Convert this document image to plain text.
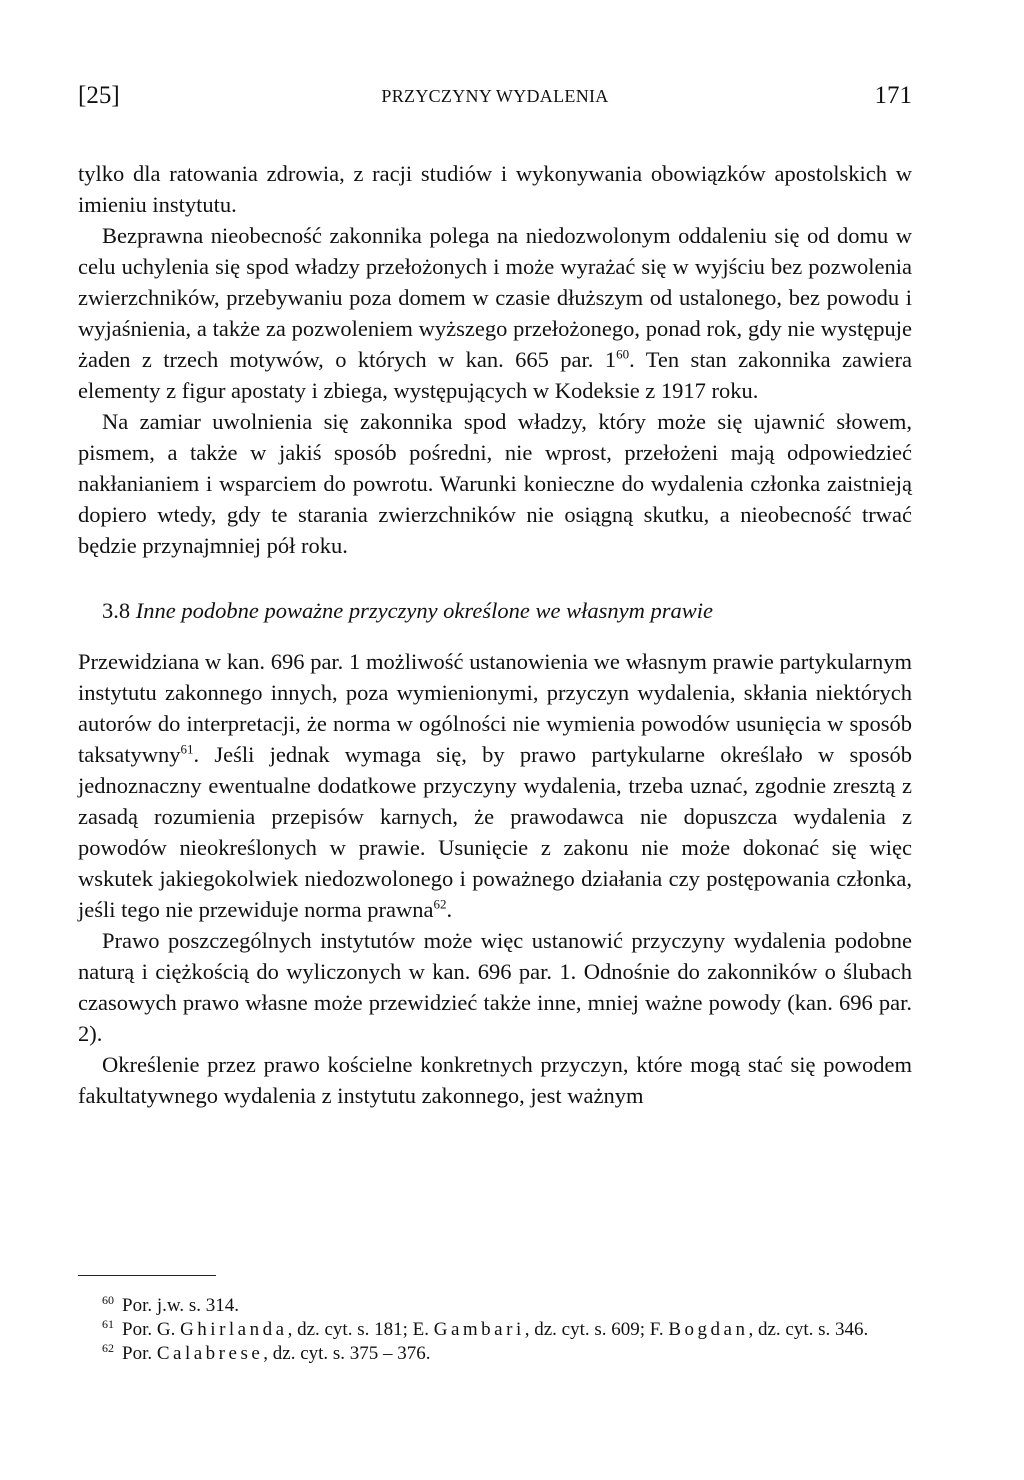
[25]	PRZYCZYNY WYDALENIA	171

tylko dla ratowania zdrowia, z racji studiów i wykonywania obowiązków apostolskich w imieniu instytutu.

Bezprawna nieobecność zakonnika polega na niedozwolonym oddaleniu się od domu w celu uchylenia się spod władzy przełożonych i może wyrażać się w wyjściu bez pozwolenia zwierzchników, przebywaniu poza domem w czasie dłuższym od ustalonego, bez powodu i wyjaśnienia, a także za pozwoleniem wyższego przełożonego, ponad rok, gdy nie występuje żaden z trzech motywów, o których w kan. 665 par. 1$^{60}$. Ten stan zakonnika zawiera elementy z figur apostaty i zbiega, występujących w Kodeksie z 1917 roku.

Na zamiar uwolnienia się zakonnika spod władzy, który może się ujawnić słowem, pismem, a także w jakiś sposób pośredni, nie wprost, przełożeni mają odpowiedzieć nakłanianiem i wsparciem do powrotu. Warunki konieczne do wydalenia członka zaistnieją dopiero wtedy, gdy te starania zwierzchników nie osiągną skutku, a nieobecność trwać będzie przynajmniej pół roku.

3.8 Inne podobne poważne przyczyny określone we własnym prawie

Przewidziana w kan. 696 par. 1 możliwość ustanowienia we własnym prawie partykularnym instytutu zakonnego innych, poza wymienionymi, przyczyn wydalenia, skłania niektórych autorów do interpretacji, że norma w ogólności nie wymienia powodów usunięcia w sposób taksatywny$^{61}$. Jeśli jednak wymaga się, by prawo partykularne określało w sposób jednoznaczny ewentualne dodatkowe przyczyny wydalenia, trzeba uznać, zgodnie zresztą z zasadą rozumienia przepisów karnych, że prawodawca nie dopuszcza wydalenia z powodów nieokreślonych w prawie. Usunięcie z zakonu nie może dokonać się więc wskutek jakiegokolwiek niedozwolonego i poważnego działania czy postępowania członka, jeśli tego nie przewiduje norma prawna$^{62}$.

Prawo poszczególnych instytutów może więc ustanowić przyczyny wydalenia podobne naturą i ciężkością do wyliczonych w kan. 696 par. 1. Odnośnie do zakonników o ślubach czasowych prawo własne może przewidzieć także inne, mniej ważne powody (kan. 696 par. 2).

Określenie przez prawo kościelne konkretnych przyczyn, które mogą stać się powodem fakultatywnego wydalenia z instytutu zakonnego, jest ważnym

$^{60}$ Por. j.w. s. 314.
$^{61}$ Por. G. Ghirlanda, dz. cyt. s. 181; E. Gambari, dz. cyt. s. 609; F. Bogdan, dz. cyt. s. 346.
$^{62}$ Por. Calabrese, dz. cyt. s. 375 – 376.
